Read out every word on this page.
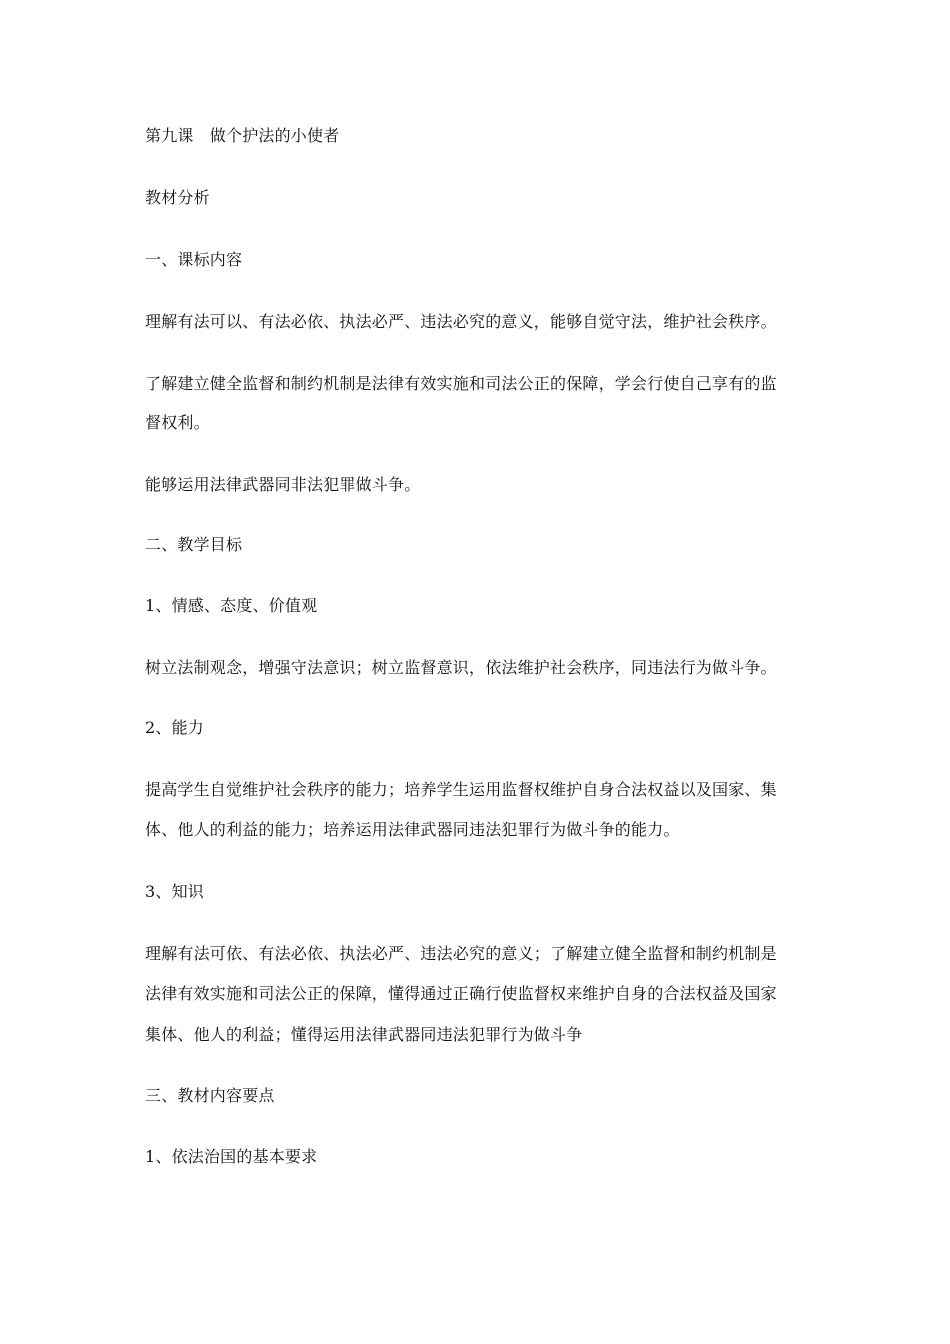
第九课　做个护法的小使者
教材分析
一、课标内容
理解有法可以、有法必依、执法必严、违法必究的意义，能够自觉守法，维护社会秩序。
了解建立健全监督和制约机制是法律有效实施和司法公正的保障，学会行使自己享有的监
督权利。
能够运用法律武器同非法犯罪做斗争。
二、教学目标
1、情感、态度、价值观
树立法制观念，增强守法意识；树立监督意识，依法维护社会秩序，同违法行为做斗争。
2、能力
提高学生自觉维护社会秩序的能力；培养学生运用监督权维护自身合法权益以及国家、集
体、他人的利益的能力；培养运用法律武器同违法犯罪行为做斗争的能力。
3、知识
理解有法可依、有法必依、执法必严、违法必究的意义；了解建立健全监督和制约机制是
法律有效实施和司法公正的保障，懂得通过正确行使监督权来维护自身的合法权益及国家
集体、他人的利益；懂得运用法律武器同违法犯罪行为做斗争
三、教材内容要点
1、依法治国的基本要求
